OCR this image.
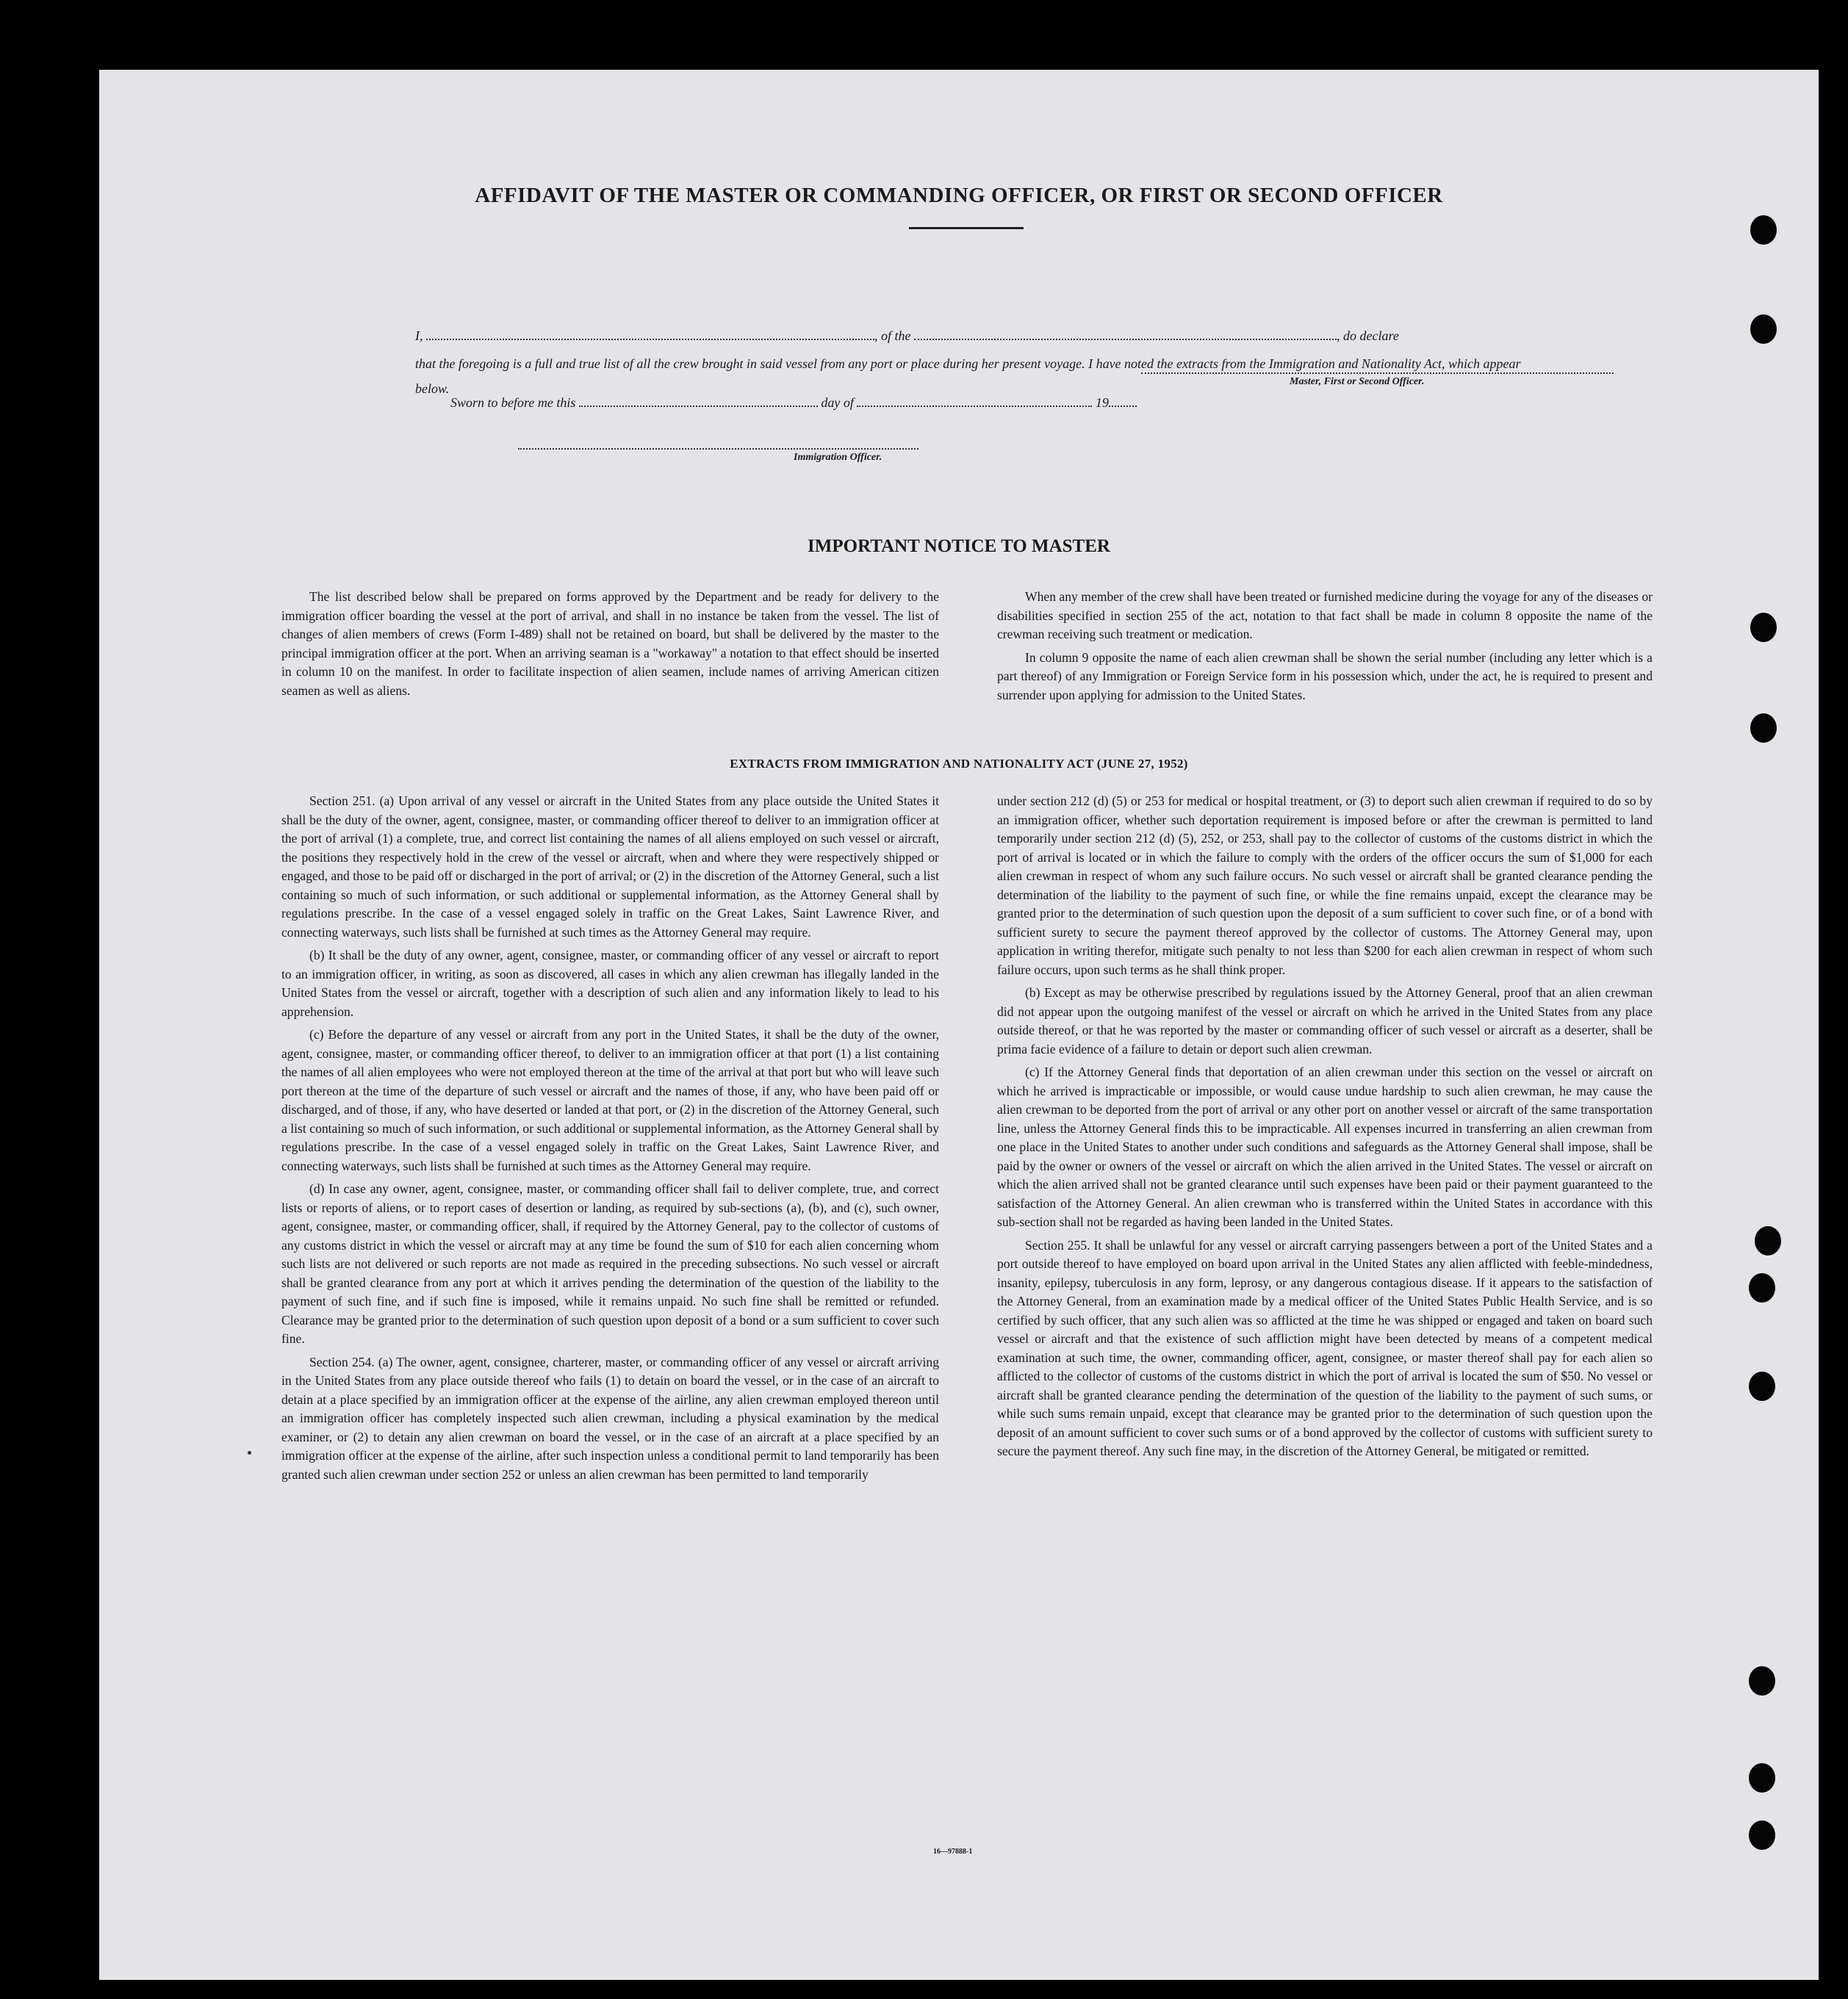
AFFIDAVIT OF THE MASTER OR COMMANDING OFFICER, OR FIRST OR SECOND OFFICER

I,	, of the	, do declare

that the foregoing is a full and true list of all the crew brought in said vessel from any port or place during her present voyage. I have noted the extracts from the Immigration and Nationality Act, which appear below.	Master, First or Second Officer.
Sworn to before me this	day of	19
Immigration Officer.
IMPORTANT NOTICE TO MASTER

The list described below shall be prepared on forms approved by the Department and be ready for delivery to the immigration officer boarding the vessel at the port of arrival, and shall in no instance be taken from the vessel. The list of changes of alien members of crews (Form I-489) shall not be retained on board, but shall be delivered by the master to the principal immigration officer at the port. When an arriving seaman is a "workaway" a notation to that effect should be inserted in column 10 on the manifest. In order to facilitate inspection of alien seamen, include names of arriving American citizen seamen as well as aliens.

When any member of the crew shall have been treated or furnished medicine during the voyage for any of the diseases or disabilities specified in section 255 of the act, notation to that fact shall be made in column 8 opposite the name of the crewman receiving such treatment or medication.

In column 9 opposite the name of each alien crewman shall be shown the serial number (including any letter which is a part thereof) of any Immigration or Foreign Service form in his possession which, under the act, he is required to present and surrender upon applying for admission to the United States.

EXTRACTS FROM IMMIGRATION AND NATIONALITY ACT (JUNE 27, 1952)

Section 251. (a) Upon arrival of any vessel or aircraft in the United States from any place outside the United States it shall be the duty of the owner, agent, consignee, master, or commanding officer thereof to deliver to an immigration officer at the port of arrival (1) a complete, true, and correct list containing the names of all aliens employed on such vessel or aircraft, the positions they respectively hold in the crew of the vessel or aircraft, when and where they were respectively shipped or engaged, and those to be paid off or discharged in the port of arrival; or (2) in the discretion of the Attorney General, such a list containing so much of such information, or such additional or supplemental information, as the Attorney General shall by regulations prescribe. In the case of a vessel engaged solely in traffic on the Great Lakes, Saint Lawrence River, and connecting waterways, such lists shall be furnished at such times as the Attorney General may require.

(b) It shall be the duty of any owner, agent, consignee, master, or commanding officer of any vessel or aircraft to report to an immigration officer, in writing, as soon as discovered, all cases in which any alien crewman has illegally landed in the United States from the vessel or aircraft, together with a description of such alien and any information likely to lead to his apprehension.

(c) Before the departure of any vessel or aircraft from any port in the United States, it shall be the duty of the owner, agent, consignee, master, or commanding officer thereof, to deliver to an immigration officer at that port (1) a list containing the names of all alien employees who were not employed thereon at the time of the arrival at that port but who will leave such port thereon at the time of the departure of such vessel or aircraft and the names of those, if any, who have been paid off or discharged, and of those, if any, who have deserted or landed at that port, or (2) in the discretion of the Attorney General, such a list containing so much of such information, or such additional or supplemental information, as the Attorney General shall by regulations prescribe. In the case of a vessel engaged solely in traffic on the Great Lakes, Saint Lawrence River, and connecting waterways, such lists shall be furnished at such times as the Attorney General may require.

(d) In case any owner, agent, consignee, master, or commanding officer shall fail to deliver complete, true, and correct lists or reports of aliens, or to report cases of desertion or landing, as required by sub-sections (a), (b), and (c), such owner, agent, consignee, master, or commanding officer, shall, if required by the Attorney General, pay to the collector of customs of any customs district in which the vessel or aircraft may at any time be found the sum of $10 for each alien concerning whom such lists are not delivered or such reports are not made as required in the preceding subsections. No such vessel or aircraft shall be granted clearance from any port at which it arrives pending the determination of the question of the liability to the payment of such fine, and if such fine is imposed, while it remains unpaid. No such fine shall be remitted or refunded. Clearance may be granted prior to the determination of such question upon deposit of a bond or a sum sufficient to cover such fine.

Section 254. (a) The owner, agent, consignee, charterer, master, or commanding officer of any vessel or aircraft arriving in the United States from any place outside thereof who fails (1) to detain on board the vessel, or in the case of an aircraft to detain at a place specified by an immigration officer at the expense of the airline, any alien crewman employed thereon until an immigration officer has completely inspected such alien crewman, including a physical examination by the medical examiner, or (2) to detain any alien crewman on board the vessel, or in the case of an aircraft at a place specified by an immigration officer at the expense of the airline, after such inspection unless a conditional permit to land temporarily has been granted such alien crewman under section 252 or unless an alien crewman has been permitted to land temporarily

under section 212 (d) (5) or 253 for medical or hospital treatment, or (3) to deport such alien crewman if required to do so by an immigration officer, whether such deportation requirement is imposed before or after the crewman is permitted to land temporarily under section 212 (d) (5), 252, or 253, shall pay to the collector of customs of the customs district in which the port of arrival is located or in which the failure to comply with the orders of the officer occurs the sum of $1,000 for each alien crewman in respect of whom any such failure occurs. No such vessel or aircraft shall be granted clearance pending the determination of the liability to the payment of such fine, or while the fine remains unpaid, except the clearance may be granted prior to the determination of such question upon the deposit of a sum sufficient to cover such fine, or of a bond with sufficient surety to secure the payment thereof approved by the collector of customs. The Attorney General may, upon application in writing therefor, mitigate such penalty to not less than $200 for each alien crewman in respect of whom such failure occurs, upon such terms as he shall think proper.

(b) Except as may be otherwise prescribed by regulations issued by the Attorney General, proof that an alien crewman did not appear upon the outgoing manifest of the vessel or aircraft on which he arrived in the United States from any place outside thereof, or that he was reported by the master or commanding officer of such vessel or aircraft as a deserter, shall be prima facie evidence of a failure to detain or deport such alien crewman.

(c) If the Attorney General finds that deportation of an alien crewman under this section on the vessel or aircraft on which he arrived is impracticable or impossible, or would cause undue hardship to such alien crewman, he may cause the alien crewman to be deported from the port of arrival or any other port on another vessel or aircraft of the same transportation line, unless the Attorney General finds this to be impracticable. All expenses incurred in transferring an alien crewman from one place in the United States to another under such conditions and safeguards as the Attorney General shall impose, shall be paid by the owner or owners of the vessel or aircraft on which the alien arrived in the United States. The vessel or aircraft on which the alien arrived shall not be granted clearance until such expenses have been paid or their payment guaranteed to the satisfaction of the Attorney General. An alien crewman who is transferred within the United States in accordance with this sub-section shall not be regarded as having been landed in the United States.

Section 255. It shall be unlawful for any vessel or aircraft carrying passengers between a port of the United States and a port outside thereof to have employed on board upon arrival in the United States any alien afflicted with feeble-mindedness, insanity, epilepsy, tuberculosis in any form, leprosy, or any dangerous contagious disease. If it appears to the satisfaction of the Attorney General, from an examination made by a medical officer of the United States Public Health Service, and is so certified by such officer, that any such alien was so afflicted at the time he was shipped or engaged and taken on board such vessel or aircraft and that the existence of such affliction might have been detected by means of a competent medical examination at such time, the owner, commanding officer, agent, consignee, or master thereof shall pay for each alien so afflicted to the collector of customs of the customs district in which the port of arrival is located the sum of $50. No vessel or aircraft shall be granted clearance pending the determination of the question of the liability to the payment of such sums, or while such sums remain unpaid, except that clearance may be granted prior to the determination of such question upon the deposit of an amount sufficient to cover such sums or of a bond approved by the collector of customs with sufficient surety to secure the payment thereof. Any such fine may, in the discretion of the Attorney General, be mitigated or remitted.

16—97888-1
